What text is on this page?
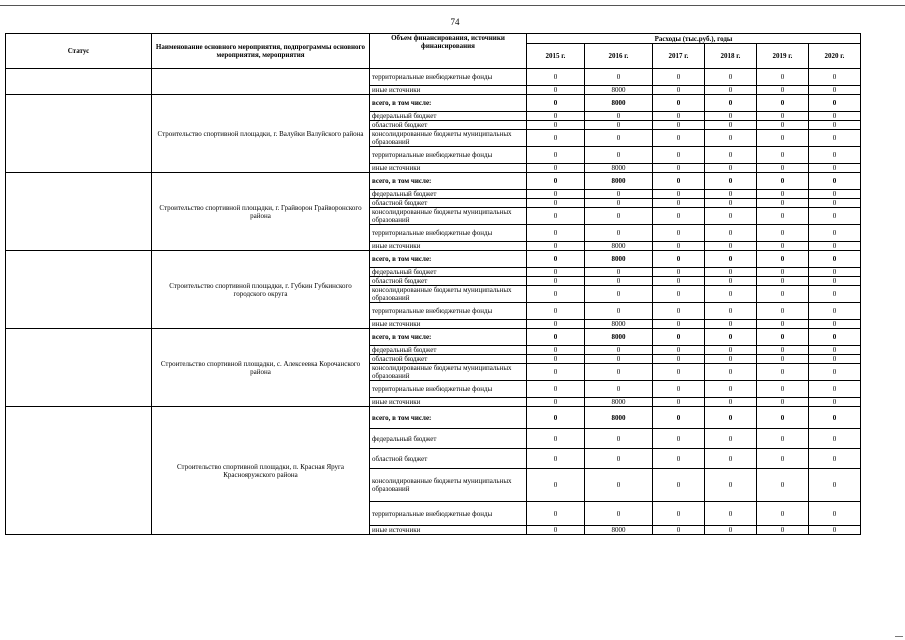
74
Статус	Наименование основного мероприятия, подпрограммы основного мероприятия, мероприятия	Объем финансирования, источники финансирования	Расходы (тыс.руб.), годы					
			2015 г.	2016 г.	2017 г.	2018 г.	2019 г.	2020 г.
		территориальные внебюджетные фонды	0	0	0	0	0	0
		иные источники	0	8000	0	0	0	0
	Строительство спортивной площадки, г. Валуйки Валуйского района	всего, в том числе:	0	8000	0	0	0	0
		федеральный бюджет	0	0	0	0	0	0
		областной бюджет	0	0	0	0	0	0
		консолидированные бюджеты муниципальных образований	0	0	0	0	0	0
		территориальные внебюджетные фонды	0	0	0	0	0	0
		иные источники	0	8000	0	0	0	0
	Строительство спортивной площадки, г. Грайворон Грайворонского района	всего, в том числе:	0	8000	0	0	0	0
		федеральный бюджет	0	0	0	0	0	0
		областной бюджет	0	0	0	0	0	0
		консолидированные бюджеты муниципальных образований	0	0	0	0	0	0
		территориальные внебюджетные фонды	0	0	0	0	0	0
		иные источники	0	8000	0	0	0	0
	Строительство спортивной площадки, г. Губкин Губкинского городского округа	всего, в том числе:	0	8000	0	0	0	0
		федеральный бюджет	0	0	0	0	0	0
		областной бюджет	0	0	0	0	0	0
		консолидированные бюджеты муниципальных образований	0	0	0	0	0	0
		территориальные внебюджетные фонды	0	0	0	0	0	0
		иные источники	0	8000	0	0	0	0
	Строительство спортивной площадки, с. Алексеевка Корочанского района	всего, в том числе:	0	8000	0	0	0	0
		федеральный бюджет	0	0	0	0	0	0
		областной бюджет	0	0	0	0	0	0
		консолидированные бюджеты муниципальных образований	0	0	0	0	0	0
		территориальные внебюджетные фонды	0	0	0	0	0	0
		иные источники	0	8000	0	0	0	0
	Строительство спортивной площадки, п. Красная Яруга Краснояружского района	всего, в том числе:	0	8000	0	0	0	0
		федеральный бюджет	0	0	0	0	0	0
		областной бюджет	0	0	0	0	0	0
		консолидированные бюджеты муниципальных образований	0	0	0	0	0	0
		территориальные внебюджетные фонды	0	0	0	0	0	0
		иные источники	0	8000	0	0	0	0
